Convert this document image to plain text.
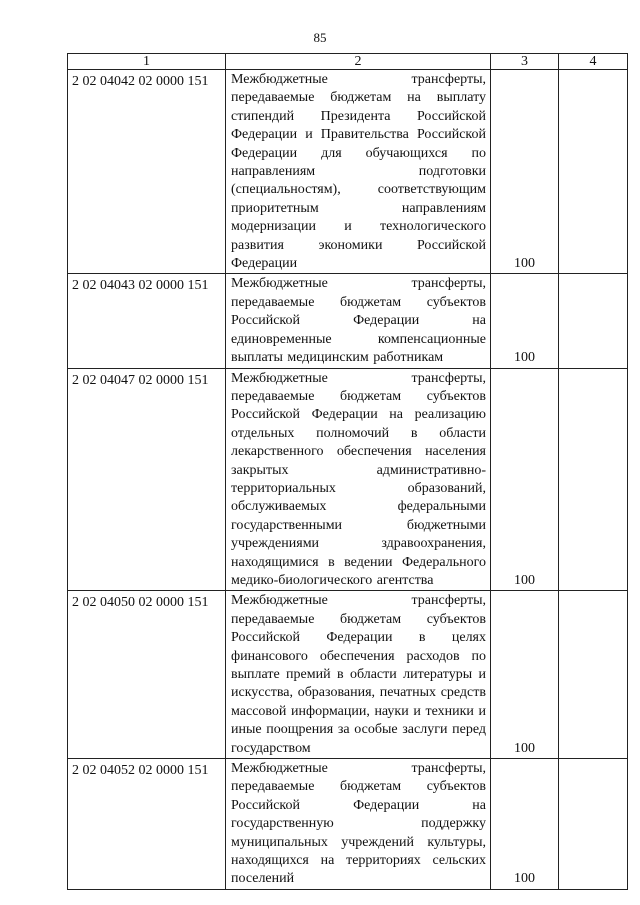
85
1	2	3	4
2 02 04042 02 0000 151	Межбюджетные трансферты, передаваемые бюджетам на выплату стипендий Президента Российской Федерации и Правительства Российской Федерации для обучающихся по направлениям подготовки (специальностям), соответствующим приоритетным направлениям модернизации и технологического развития экономики Российской Федерации	100	
2 02 04043 02 0000 151	Межбюджетные трансферты, передаваемые бюджетам субъектов Российской Федерации на единовременные компенсационные выплаты медицинским работникам	100	
2 02 04047 02 0000 151	Межбюджетные трансферты, передаваемые бюджетам субъектов Российской Федерации на реализацию отдельных полномочий в области лекарственного обеспечения населения закрытых административно-территориальных образований, обслуживаемых федеральными государственными бюджетными учреждениями здравоохранения, находящимися в ведении Федерального медико-биологического агентства	100	
2 02 04050 02 0000 151	Межбюджетные трансферты, передаваемые бюджетам субъектов Российской Федерации в целях финансового обеспечения расходов по выплате премий в области литературы и искусства, образования, печатных средств массовой информации, науки и техники и иные поощрения за особые заслуги перед государством	100	
2 02 04052 02 0000 151	Межбюджетные трансферты, передаваемые бюджетам субъектов Российской Федерации на государственную поддержку муниципальных учреждений культуры, находящихся на территориях сельских поселений	100	
